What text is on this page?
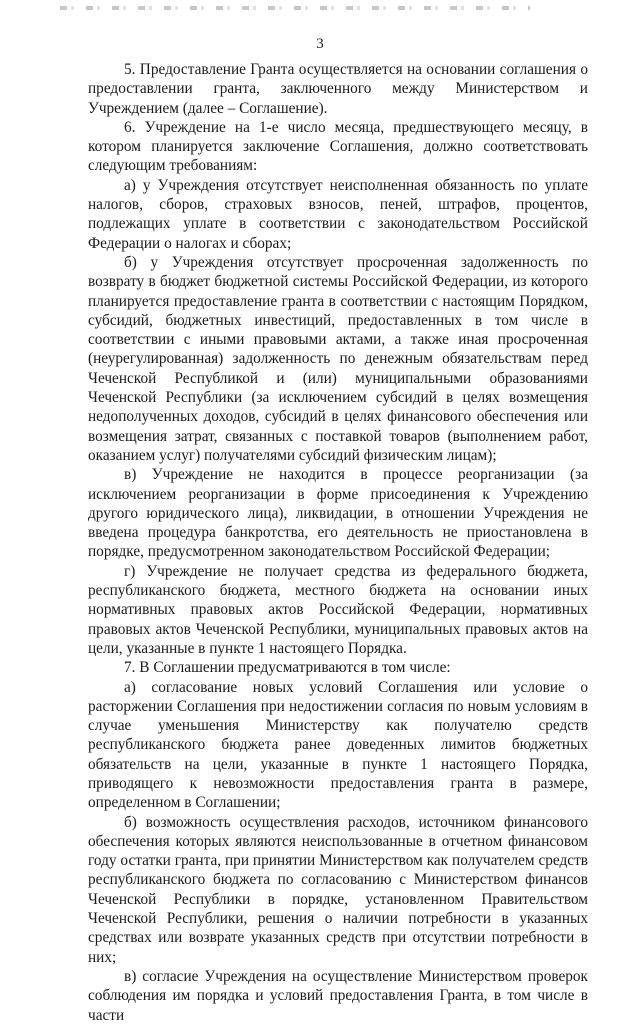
3

5. Предоставление Гранта осуществляется на основании соглашения о предоставлении гранта, заключенного между Министерством и Учреждением (далее – Соглашение).

6. Учреждение на 1-е число месяца, предшествующего месяцу, в котором планируется заключение Соглашения, должно соответствовать следующим требованиям:

а) у Учреждения отсутствует неисполненная обязанность по уплате налогов, сборов, страховых взносов, пеней, штрафов, процентов, подлежащих уплате в соответствии с законодательством Российской Федерации о налогах и сборах;

б) у Учреждения отсутствует просроченная задолженность по возврату в бюджет бюджетной системы Российской Федерации, из которого планируется предоставление гранта в соответствии с настоящим Порядком, субсидий, бюджетных инвестиций, предоставленных в том числе в соответствии с иными правовыми актами, а также иная просроченная (неурегулированная) задолженность по денежным обязательствам перед Чеченской Республикой и (или) муниципальными образованиями Чеченской Республики (за исключением субсидий в целях возмещения недополученных доходов, субсидий в целях финансового обеспечения или возмещения затрат, связанных с поставкой товаров (выполнением работ, оказанием услуг) получателями субсидий физическим лицам);

в) Учреждение не находится в процессе реорганизации (за исключением реорганизации в форме присоединения к Учреждению другого юридического лица), ликвидации, в отношении Учреждения не введена процедура банкротства, его деятельность не приостановлена в порядке, предусмотренном законодательством Российской Федерации;

г) Учреждение не получает средства из федерального бюджета, республиканского бюджета, местного бюджета на основании иных нормативных правовых актов Российской Федерации, нормативных правовых актов Чеченской Республики, муниципальных правовых актов на цели, указанные в пункте 1 настоящего Порядка.

7. В Соглашении предусматриваются в том числе:

а) согласование новых условий Соглашения или условие о расторжении Соглашения при недостижении согласия по новым условиям в случае уменьшения Министерству как получателю средств республиканского бюджета ранее доведенных лимитов бюджетных обязательств на цели, указанные в пункте 1 настоящего Порядка, приводящего к невозможности предоставления гранта в размере, определенном в Соглашении;

б) возможность осуществления расходов, источником финансового обеспечения которых являются неиспользованные в отчетном финансовом году остатки гранта, при принятии Министерством как получателем средств республиканского бюджета по согласованию с Министерством финансов Чеченской Республики в порядке, установленном Правительством Чеченской Республики, решения о наличии потребности в указанных средствах или возврате указанных средств при отсутствии потребности в них;

в) согласие Учреждения на осуществление Министерством проверок соблюдения им порядка и условий предоставления Гранта, в том числе в части
